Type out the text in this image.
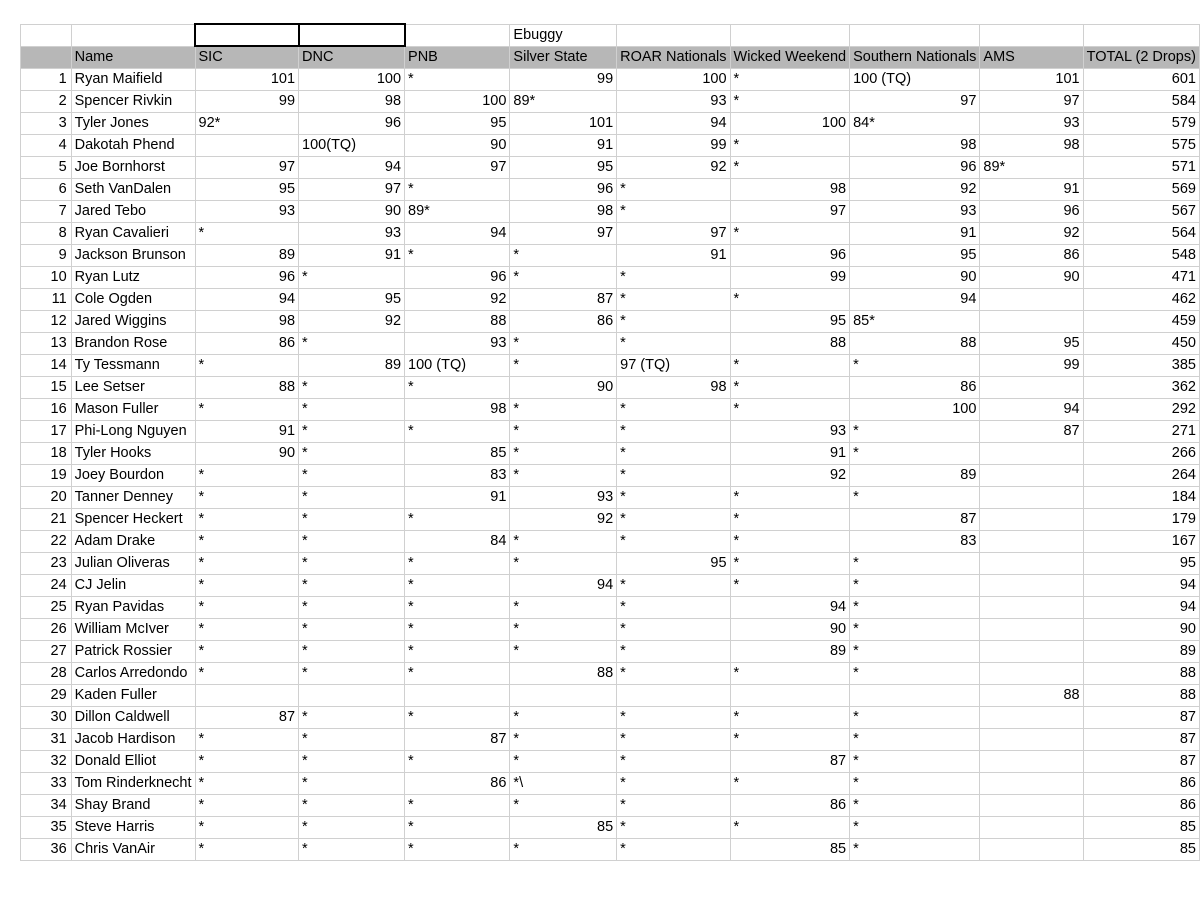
					Ebuggy					
	Name	SIC	DNC	PNB	Silver State	ROAR Nationals	Wicked Weekend	Southern Nationals	AMS	TOTAL (2 Drops)
1	Ryan Maifield	101	100	*	99	100	*	100 (TQ)	101	601
2	Spencer Rivkin	99	98	100	89*	93	*	97	97	584
3	Tyler Jones	92*	96	95	101	94	100	84*	93	579
4	Dakotah Phend		100(TQ)	90	91	99	*	98	98	575
5	Joe Bornhorst	97	94	97	95	92	*	96	89*	571
6	Seth VanDalen	95	97	*	96	*	98	92	91	569
7	Jared Tebo	93	90	89*	98	*	97	93	96	567
8	Ryan Cavalieri	*	93	94	97	97	*	91	92	564
9	Jackson Brunson	89	91	*	*	91	96	95	86	548
10	Ryan Lutz	96	*	96	*	*	99	90	90	471
11	Cole Ogden	94	95	92	87	*	*	94		462
12	Jared Wiggins	98	92	88	86	*	95	85*		459
13	Brandon Rose	86	*	93	*	*	88	88	95	450
14	Ty Tessmann	*	89	100 (TQ)	*	97 (TQ)	*	*	99	385
15	Lee Setser	88	*	*	90	98	*	86		362
16	Mason Fuller	*	*	98	*	*	*	100	94	292
17	Phi-Long Nguyen	91	*	*	*	*	93	*	87	271
18	Tyler Hooks	90	*	85	*	*	91	*		266
19	Joey Bourdon	*	*	83	*	*	92	89		264
20	Tanner Denney	*	*	91	93	*	*	*		184
21	Spencer Heckert	*	*	*	92	*	*	87		179
22	Adam Drake	*	*	84	*	*	*	83		167
23	Julian Oliveras	*	*	*	*	95	*	*		95
24	CJ Jelin	*	*	*	94	*	*	*		94
25	Ryan Pavidas	*	*	*	*	*	94	*		94
26	William McIver	*	*	*	*	*	90	*		90
27	Patrick Rossier	*	*	*	*	*	89	*		89
28	Carlos Arredondo	*	*	*	88	*	*	*		88
29	Kaden Fuller								88	88
30	Dillon Caldwell	87	*	*	*	*	*	*		87
31	Jacob Hardison	*	*	87	*	*	*	*		87
32	Donald Elliot	*	*	*	*	*	87	*		87
33	Tom Rinderknecht	*	*	86	*\	*	*	*		86
34	Shay Brand	*	*	*	*	*	86	*		86
35	Steve Harris	*	*	*	85	*	*	*		85
36	Chris VanAir	*	*	*	*	*	85	*		85
